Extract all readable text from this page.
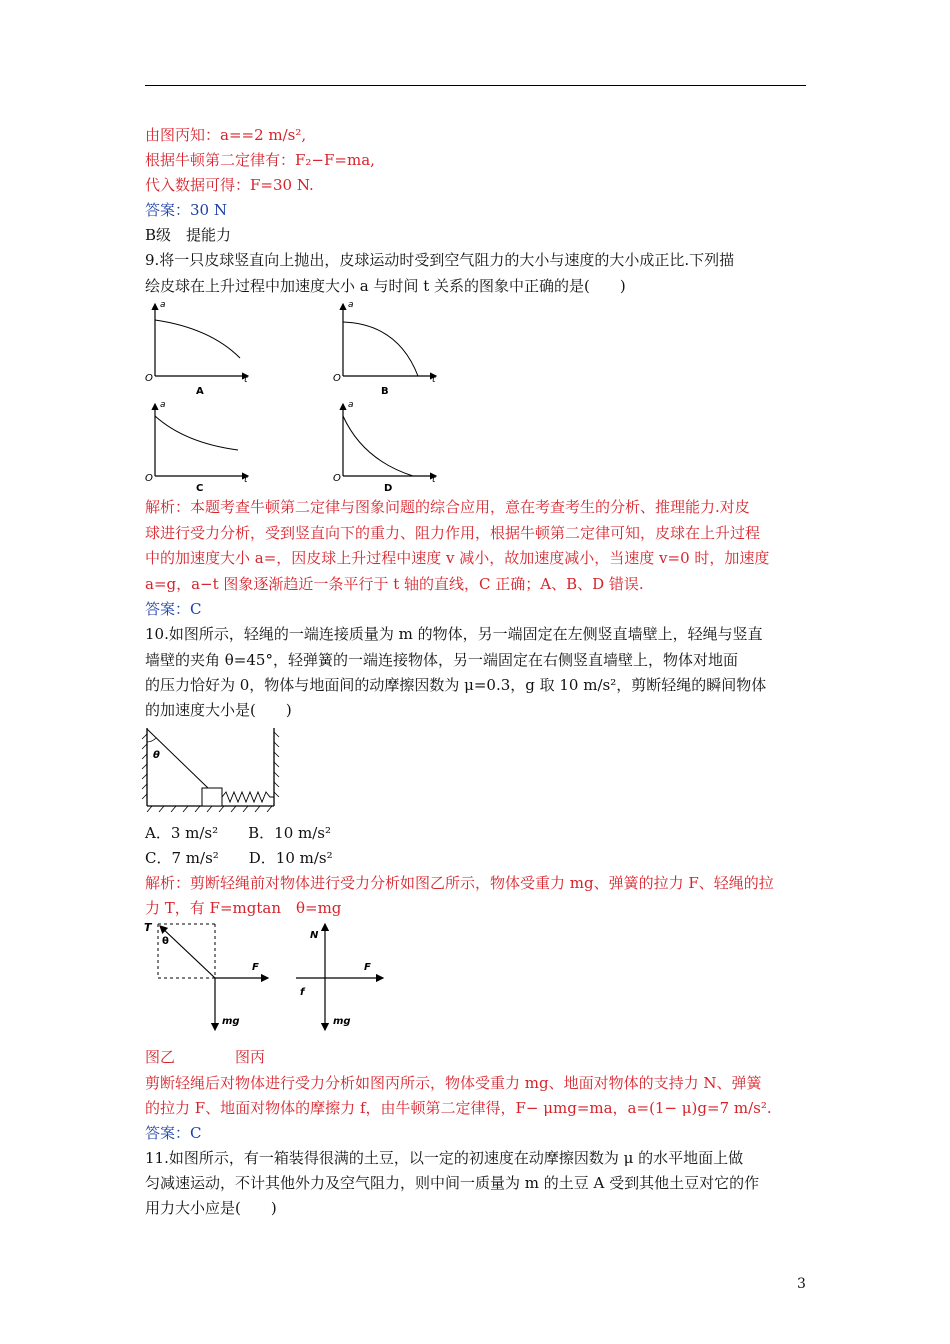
由图丙知：a==2 m/s²,
根据牛顿第二定律有：F₂−F=ma,
代入数据可得：F=30 N.
答案：30 N
B级　提能力
9.将一只皮球竖直向上抛出，皮球运动时受到空气阻力的大小与速度的大小成正比.下列描
绘皮球在上升过程中加速度大小 a 与时间 t 关系的图象中正确的是(　　)
a
O	t
A
a
O	t
B
a
O	t
C
a
O	t
D
解析：本题考查牛顿第二定律与图象问题的综合应用，意在考查考生的分析、推理能力.对皮
球进行受力分析，受到竖直向下的重力、阻力作用，根据牛顿第二定律可知，皮球在上升过程
中的加速度大小 a=，因皮球上升过程中速度 v 减小，故加速度减小，当速度 v=0 时，加速度
a=g，a−t 图象逐渐趋近一条平行于 t 轴的直线，C 正确；A、B、D 错误.
答案：C
10.如图所示，轻绳的一端连接质量为 m 的物体，另一端固定在左侧竖直墙壁上，轻绳与竖直
墙壁的夹角 θ=45°，轻弹簧的一端连接物体，另一端固定在右侧竖直墙壁上，物体对地面
的压力恰好为 0，物体与地面间的动摩擦因数为 μ=0.3，g 取 10 m/s²，剪断轻绳的瞬间物体
的加速度大小是(　　)
θ
A．3 m/s²　　B．10 m/s²
C．7 m/s²　　D．10 m/s²
解析：剪断轻绳前对物体进行受力分析如图乙所示，物体受重力 mg、弹簧的拉力 F、轻绳的拉
力 T，有 F=mgtan　θ=mg
T
θ
F
mg
N
F
f
mg
图乙　　　　图丙
剪断轻绳后对物体进行受力分析如图丙所示，物体受重力 mg、地面对物体的支持力 N、弹簧
的拉力 F、地面对物体的摩擦力 f，由牛顿第二定律得，F− μmg=ma，a=(1− μ)g=7 m/s².
答案：C
11.如图所示，有一箱装得很满的土豆，以一定的初速度在动摩擦因数为 μ 的水平地面上做
匀减速运动，不计其他外力及空气阻力，则中间一质量为 m 的土豆 A 受到其他土豆对它的作
用力大小应是(　　)
3
